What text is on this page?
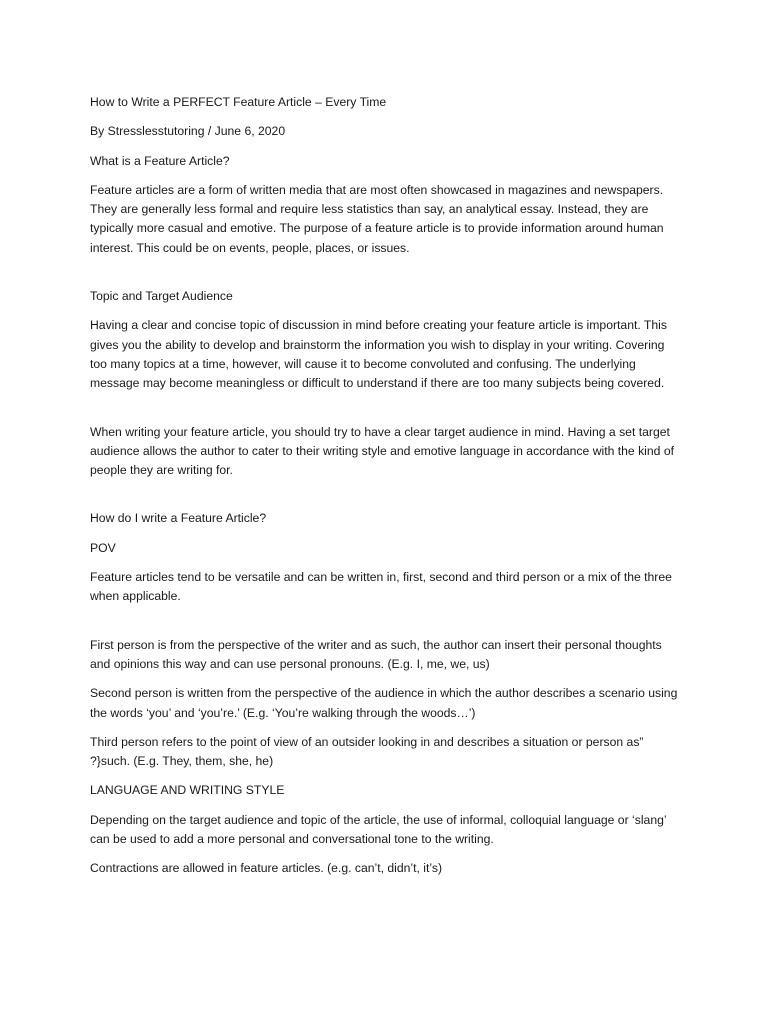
How to Write a PERFECT Feature Article – Every Time

By Stresslesstutoring / June 6, 2020

What is a Feature Article?

Feature articles are a form of written media that are most often showcased in magazines and newspapers. They are generally less formal and require less statistics than say, an analytical essay. Instead, they are typically more casual and emotive. The purpose of a feature article is to provide information around human interest. This could be on events, people, places, or issues.

Topic and Target Audience

Having a clear and concise topic of discussion in mind before creating your feature article is important. This gives you the ability to develop and brainstorm the information you wish to display in your writing. Covering too many topics at a time, however, will cause it to become convoluted and confusing. The underlying message may become meaningless or difficult to understand if there are too many subjects being covered.

When writing your feature article, you should try to have a clear target audience in mind. Having a set target audience allows the author to cater to their writing style and emotive language in accordance with the kind of people they are writing for.

How do I write a Feature Article?

POV

Feature articles tend to be versatile and can be written in, first, second and third person or a mix of the three when applicable.

First person is from the perspective of the writer and as such, the author can insert their personal thoughts and opinions this way and can use personal pronouns. (E.g. I, me, we, us)

Second person is written from the perspective of the audience in which the author describes a scenario using the words ‘you’ and ‘you’re.’ (E.g. ‘You’re walking through the woods…’)

Third person refers to the point of view of an outsider looking in and describes a situation or person as” ?}such. (E.g. They, them, she, he)

LANGUAGE AND WRITING STYLE

Depending on the target audience and topic of the article, the use of informal, colloquial language or ‘slang’ can be used to add a more personal and conversational tone to the writing.

Contractions are allowed in feature articles. (e.g. can’t, didn’t, it’s)
